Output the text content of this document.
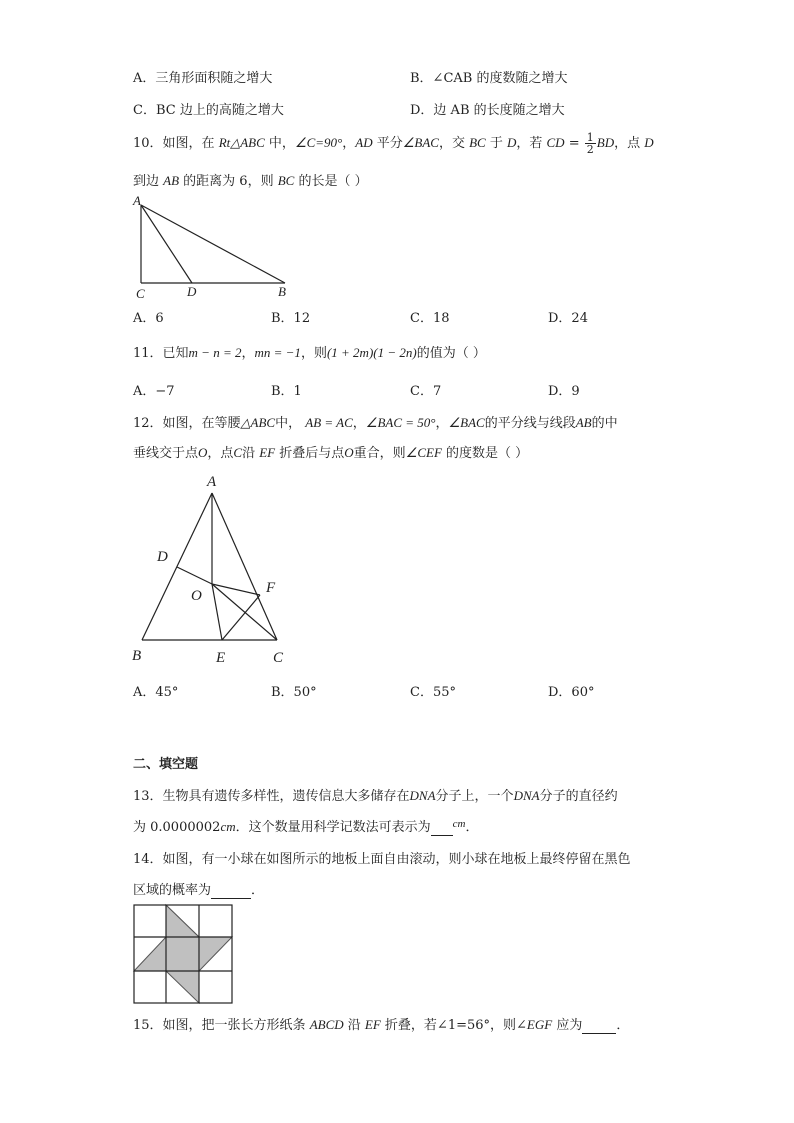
A．三角形面积随之增大	B．∠CAB 的度数随之增大
C．BC 边上的高随之增大	D．边 AB 的长度随之增大
10．如图，在 Rt△ABC 中，∠C=90°，AD 平分∠BAC，交 BC 于 D，若 CD = $\frac{1}{2}$ BD，点 D
到边 AB 的距离为 6，则 BC 的长是（ ）
A
C	D	B
A．6	B．12	C．18	D．24
11．已知m − n = 2，mn = −1，则(1 + 2m)(1 − 2n)的值为（ ）
A．−7	B．1	C．7	D．9
12．如图，在等腰△ABC中， AB = AC，∠BAC = 50°，∠BAC的平分线与线段AB的中
垂线交于点O，点C沿 EF 折叠后与点O重合，则∠CEF 的度数是（ ）
A
D
F
O
B	E	C
A．45°	B．50°	C．55°	D．60°
二、填空题
13．生物具有遗传多样性，遗传信息大多储存在DNA分子上，一个DNA分子的直径约
为 0.0000002cm．这个数量用科学记数法可表示为 $^{cm}$．
14．如图，有一小球在如图所示的地板上面自由滚动，则小球在地板上最终停留在黑色
区域的概率为	．
15．如图，把一张长方形纸条 ABCD 沿 EF 折叠，若∠1=56°，则∠EGF 应为	．
